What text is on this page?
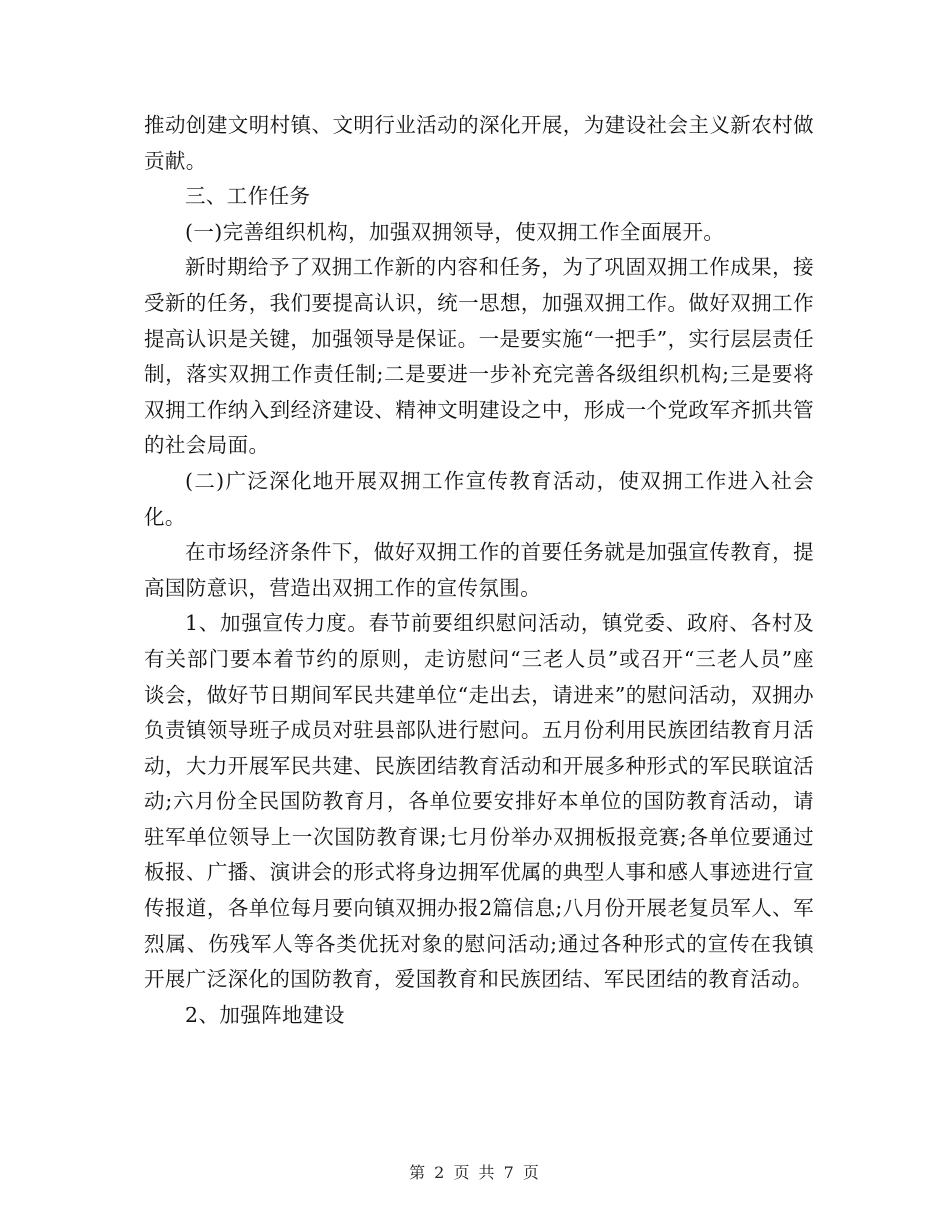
推动创建文明村镇、文明行业活动的深化开展，为建设社会主义新农村做贡献。

三、工作任务

(一)完善组织机构，加强双拥领导，使双拥工作全面展开。

新时期给予了双拥工作新的内容和任务，为了巩固双拥工作成果，接受新的任务，我们要提高认识，统一思想，加强双拥工作。做好双拥工作提高认识是关键，加强领导是保证。一是要实施“一把手”，实行层层责任制，落实双拥工作责任制;二是要进一步补充完善各级组织机构;三是要将双拥工作纳入到经济建设、精神文明建设之中，形成一个党政军齐抓共管的社会局面。

(二)广泛深化地开展双拥工作宣传教育活动，使双拥工作进入社会化。

在市场经济条件下，做好双拥工作的首要任务就是加强宣传教育，提高国防意识，营造出双拥工作的宣传氛围。

1、加强宣传力度。春节前要组织慰问活动，镇党委、政府、各村及有关部门要本着节约的原则，走访慰问“三老人员”或召开“三老人员”座谈会，做好节日期间军民共建单位“走出去，请进来”的慰问活动，双拥办负责镇领导班子成员对驻县部队进行慰问。五月份利用民族团结教育月活动，大力开展军民共建、民族团结教育活动和开展多种形式的军民联谊活动;六月份全民国防教育月，各单位要安排好本单位的国防教育活动，请驻军单位领导上一次国防教育课;七月份举办双拥板报竞赛;各单位要通过板报、广播、演讲会的形式将身边拥军优属的典型人事和感人事迹进行宣传报道，各单位每月要向镇双拥办报2篇信息;八月份开展老复员军人、军烈属、伤残军人等各类优抚对象的慰问活动;通过各种形式的宣传在我镇开展广泛深化的国防教育，爱国教育和民族团结、军民团结的教育活动。

2、加强阵地建设

第 2 页 共 7 页
